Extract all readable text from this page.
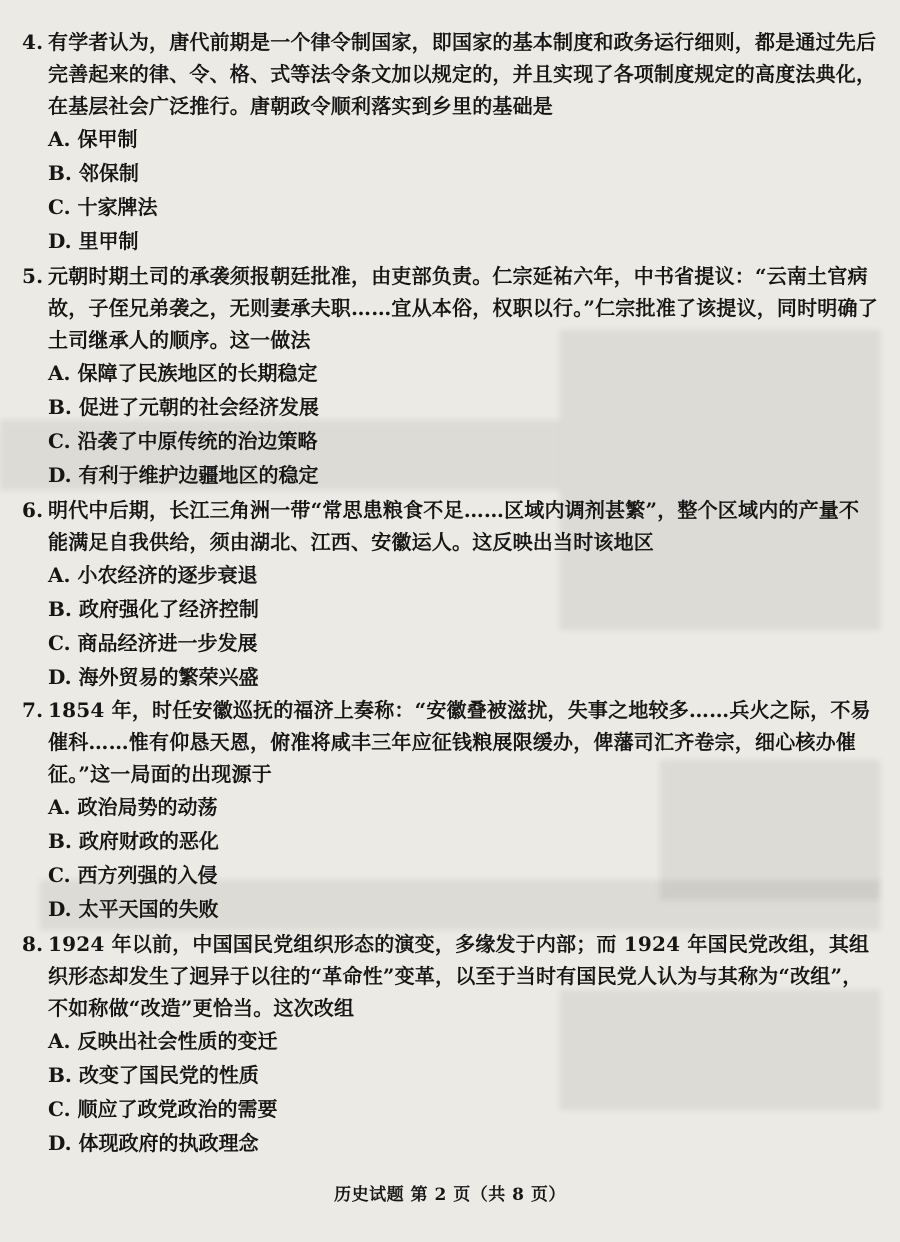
4. 有学者认为，唐代前期是一个律令制国家，即国家的基本制度和政务运行细则，都是通过先后完善起来的律、令、格、式等法令条文加以规定的，并且实现了各项制度规定的高度法典化，在基层社会广泛推行。唐朝政令顺利落实到乡里的基础是

A. 保甲制
B. 邻保制
C. 十家牌法
D. 里甲制

5. 元朝时期土司的承袭须报朝廷批准，由吏部负责。仁宗延祐六年，中书省提议：“云南土官病故，子侄兄弟袭之，无则妻承夫职……宜从本俗，权职以行。”仁宗批准了该提议，同时明确了土司继承人的顺序。这一做法

A. 保障了民族地区的长期稳定
B. 促进了元朝的社会经济发展
C. 沿袭了中原传统的治边策略
D. 有利于维护边疆地区的稳定

6. 明代中后期，长江三角洲一带“常思患粮食不足……区域内调剂甚繁”，整个区域内的产量不能满足自我供给，须由湖北、江西、安徽运人。这反映出当时该地区

A. 小农经济的逐步衰退
B. 政府强化了经济控制
C. 商品经济进一步发展
D. 海外贸易的繁荣兴盛

7. 1854 年，时任安徽巡抚的福济上奏称：“安徽叠被滋扰，失事之地较多……兵火之际，不易催科……惟有仰恳天恩，俯准将咸丰三年应征钱粮展限缓办，俾藩司汇齐卷宗，细心核办催征。”这一局面的出现源于

A. 政治局势的动荡
B. 政府财政的恶化
C. 西方列强的入侵
D. 太平天国的失败

8. 1924 年以前，中国国民党组织形态的演变，多缘发于内部；而 1924 年国民党改组，其组织形态却发生了迥异于以往的“革命性”变革，以至于当时有国民党人认为与其称为“改组”，不如称做“改造”更恰当。这次改组

A. 反映出社会性质的变迁
B. 改变了国民党的性质
C. 顺应了政党政治的需要
D. 体现政府的执政理念
历史试题 第 2 页（共 8 页）
